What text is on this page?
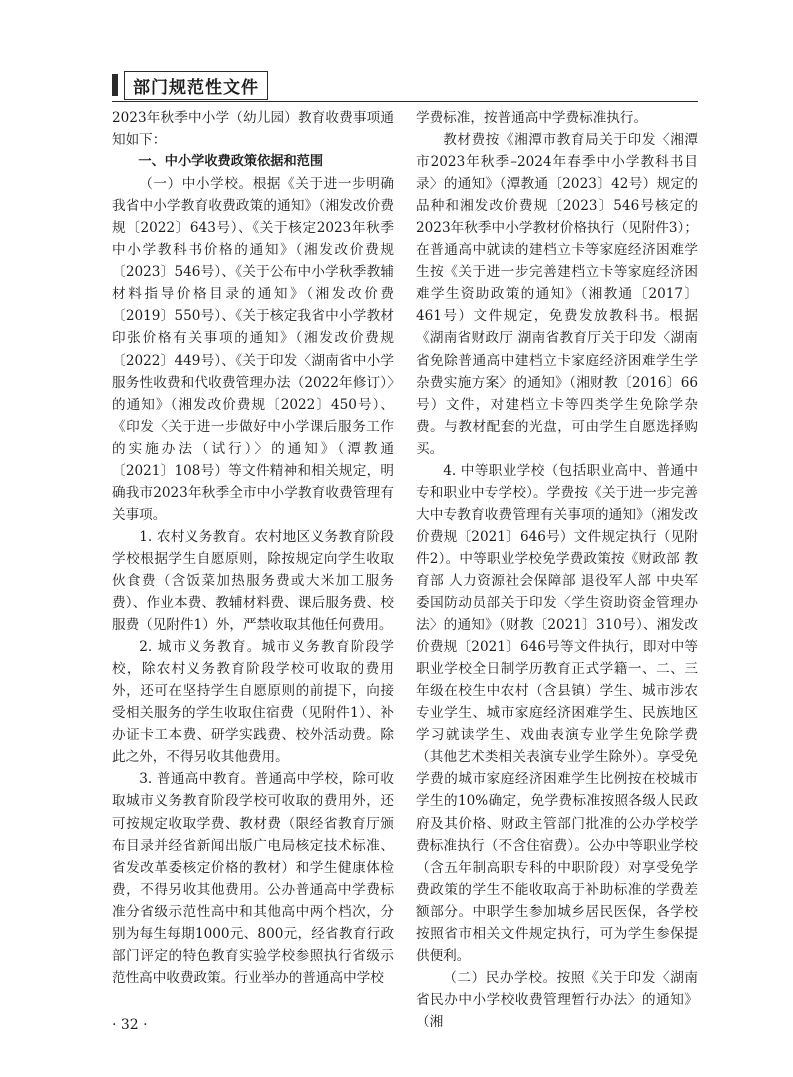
部门规范性文件

2023年秋季中小学（幼儿园）教育收费事项通知如下：

一、中小学收费政策依据和范围

（一）中小学校。根据《关于进一步明确我省中小学教育收费政策的通知》（湘发改价费规〔2022〕643号）、《关于核定2023年秋季中小学教科书价格的通知》（湘发改价费规〔2023〕546号）、《关于公布中小学秋季教辅材料指导价格目录的通知》（湘发改价费〔2019〕550号）、《关于核定我省中小学教材印张价格有关事项的通知》（湘发改价费规〔2022〕449号）、《关于印发〈湖南省中小学服务性收费和代收费管理办法（2022年修订）〉的通知》（湘发改价费规〔2022〕450号）、《印发〈关于进一步做好中小学课后服务工作的实施办法（试行）〉的通知》（潭教通〔2021〕108号）等文件精神和相关规定，明确我市2023年秋季全市中小学教育收费管理有关事项。

1. 农村义务教育。农村地区义务教育阶段学校根据学生自愿原则，除按规定向学生收取伙食费（含饭菜加热服务费或大米加工服务费）、作业本费、教辅材料费、课后服务费、校服费（见附件1）外，严禁收取其他任何费用。

2. 城市义务教育。城市义务教育阶段学校，除农村义务教育阶段学校可收取的费用外，还可在坚持学生自愿原则的前提下，向接受相关服务的学生收取住宿费（见附件1）、补办证卡工本费、研学实践费、校外活动费。除此之外，不得另收其他费用。

3. 普通高中教育。普通高中学校，除可收取城市义务教育阶段学校可收取的费用外，还可按规定收取学费、教材费（限经省教育厅颁布目录并经省新闻出版广电局核定技术标准、省发改革委核定价格的教材）和学生健康体检费，不得另收其他费用。公办普通高中学费标准分省级示范性高中和其他高中两个档次，分别为每生每期1000元、800元，经省教育行政部门评定的特色教育实验学校参照执行省级示范性高中收费政策。行业举办的普通高中学校

学费标准，按普通高中学费标准执行。

教材费按《湘潭市教育局关于印发〈湘潭市2023年秋季–2024年春季中小学教科书目录〉的通知》（潭教通〔2023〕42号）规定的品种和湘发改价费规〔2023〕546号核定的2023年秋季中小学教材价格执行（见附件3）；在普通高中就读的建档立卡等家庭经济困难学生按《关于进一步完善建档立卡等家庭经济困难学生资助政策的通知》（湘教通〔2017〕461号）文件规定，免费发放教科书。根据《湖南省财政厅 湖南省教育厅关于印发〈湖南省免除普通高中建档立卡家庭经济困难学生学杂费实施方案〉的通知》（湘财教〔2016〕66号）文件，对建档立卡等四类学生免除学杂费。与教材配套的光盘，可由学生自愿选择购买。

4. 中等职业学校（包括职业高中、普通中专和职业中专学校）。学费按《关于进一步完善大中专教育收费管理有关事项的通知》（湘发改价费规〔2021〕646号）文件规定执行（见附件2）。中等职业学校免学费政策按《财政部 教育部 人力资源社会保障部 退役军人部 中央军委国防动员部关于印发〈学生资助资金管理办法〉的通知》（财教〔2021〕310号）、湘发改价费规〔2021〕646号等文件执行，即对中等职业学校全日制学历教育正式学籍一、二、三年级在校生中农村（含县镇）学生、城市涉农专业学生、城市家庭经济困难学生、民族地区学习就读学生、戏曲表演专业学生免除学费（其他艺术类相关表演专业学生除外）。享受免学费的城市家庭经济困难学生比例按在校城市学生的10%确定，免学费标准按照各级人民政府及其价格、财政主管部门批准的公办学校学费标准执行（不含住宿费）。公办中等职业学校（含五年制高职专科的中职阶段）对享受免学费政策的学生不能收取高于补助标准的学费差额部分。中职学生参加城乡居民医保，各学校按照省市相关文件规定执行，可为学生参保提供便利。

（二）民办学校。按照《关于印发〈湖南省民办中小学校收费管理暂行办法〉的通知》（湘

· 32 ·
